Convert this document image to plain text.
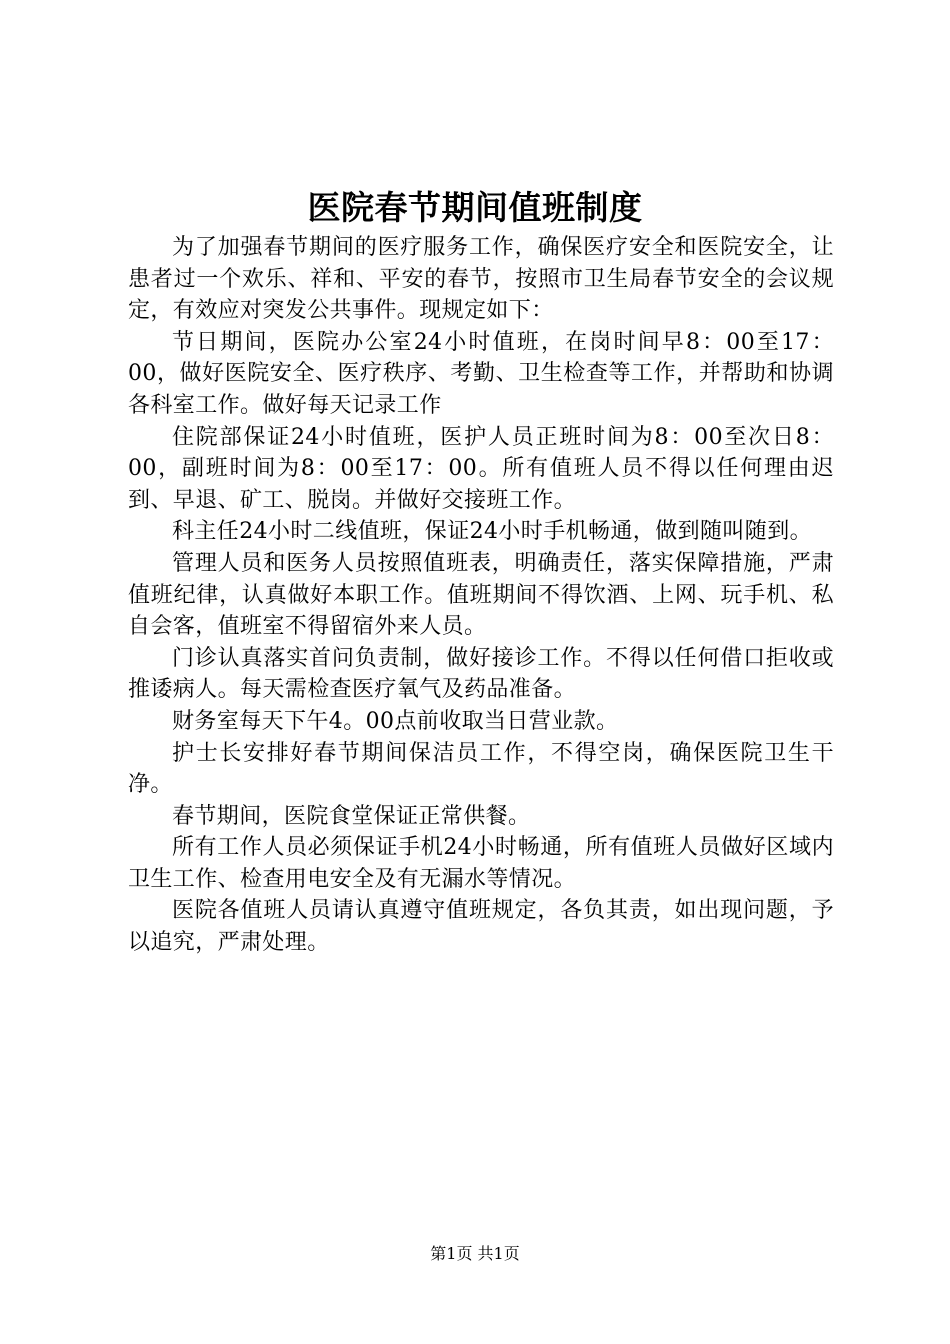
医院春节期间值班制度

为了加强春节期间的医疗服务工作，确保医疗安全和医院安全，让患者过一个欢乐、祥和、平安的春节，按照市卫生局春节安全的会议规定，有效应对突发公共事件。现规定如下：

节日期间，医院办公室24小时值班，在岗时间早8：00至17：00，做好医院安全、医疗秩序、考勤、卫生检查等工作，并帮助和协调各科室工作。做好每天记录工作

住院部保证24小时值班，医护人员正班时间为8：00至次日8：00，副班时间为8：00至17：00。所有值班人员不得以任何理由迟到、早退、矿工、脱岗。并做好交接班工作。

科主任24小时二线值班，保证24小时手机畅通，做到随叫随到。

管理人员和医务人员按照值班表，明确责任，落实保障措施，严肃值班纪律，认真做好本职工作。值班期间不得饮酒、上网、玩手机、私自会客，值班室不得留宿外来人员。

门诊认真落实首问负责制，做好接诊工作。不得以任何借口拒收或推诿病人。每天需检查医疗氧气及药品准备。

财务室每天下午4。00点前收取当日营业款。

护士长安排好春节期间保洁员工作，不得空岗，确保医院卫生干净。

春节期间，医院食堂保证正常供餐。

所有工作人员必须保证手机24小时畅通，所有值班人员做好区域内卫生工作、检查用电安全及有无漏水等情况。

医院各值班人员请认真遵守值班规定，各负其责，如出现问题，予以追究，严肃处理。

第1页 共1页
